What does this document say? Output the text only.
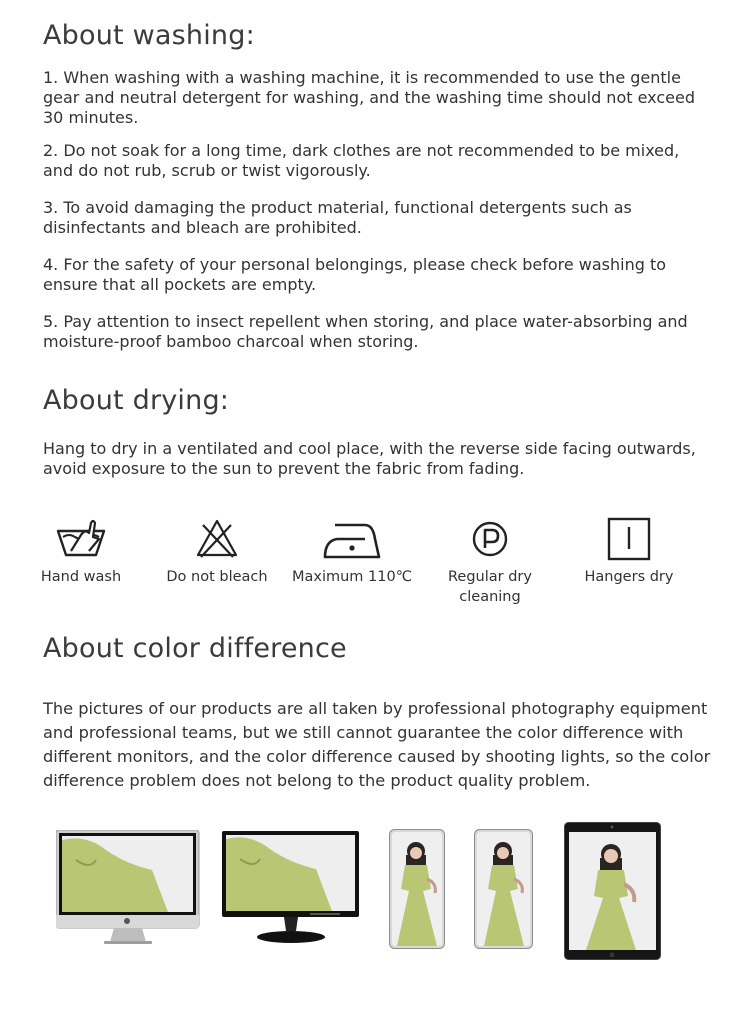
About washing:

1. When washing with a washing machine, it is recommended to use the gentle gear and neutral detergent for washing, and the washing time should not exceed 30 minutes.

2. Do not soak for a long time, dark clothes are not recommended to be mixed, and do not rub, scrub or twist vigorously.

3. To avoid damaging the product material, functional detergents such as disinfectants and bleach are prohibited.

4. For the safety of your personal belongings, please check before washing to ensure that all pockets are empty.

5. Pay attention to insect repellent when storing, and place water-absorbing and moisture-proof bamboo charcoal when storing.

About drying:

Hang to dry in a ventilated and cool place, with the reverse side facing outwards, avoid exposure to the sun to prevent the fabric from fading.

Hand wash	Do not bleach	Maximum 110℃	Regular dry cleaning
Hangers dry
About color difference

The pictures of our products are all taken by professional photography equipment and professional teams, but we still cannot guarantee the color difference with different monitors, and the color difference caused by shooting lights, so the color difference problem does not belong to the product quality problem.
